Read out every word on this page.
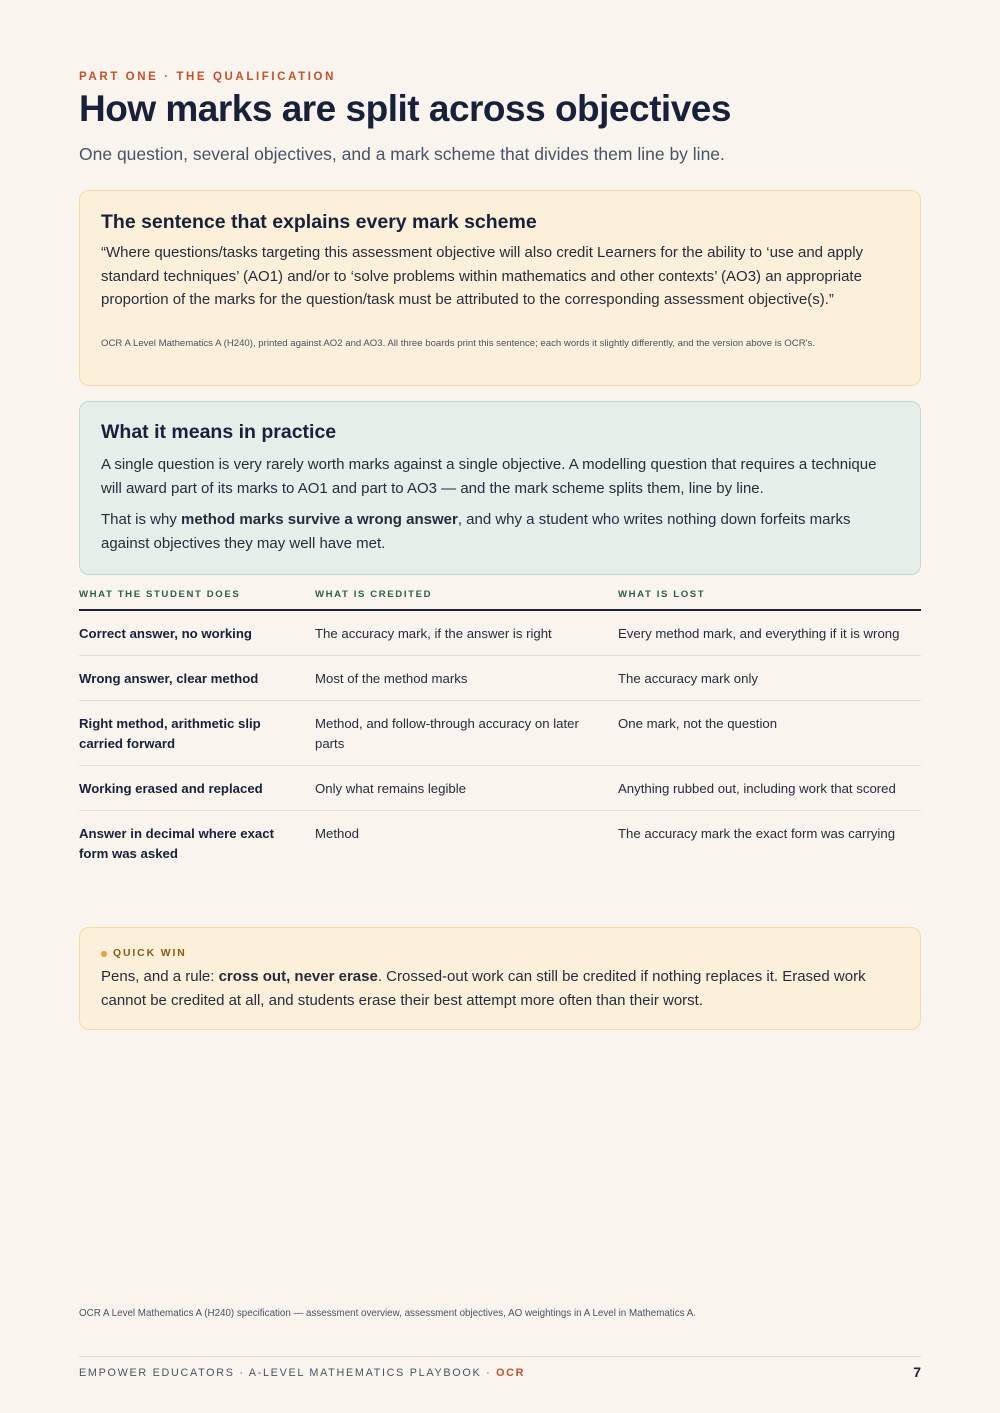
PART ONE · THE QUALIFICATION
How marks are split across objectives

One question, several objectives, and a mark scheme that divides them line by line.

The sentence that explains every mark scheme

“Where questions/tasks targeting this assessment objective will also credit Learners for the ability to ‘use and apply standard techniques’ (AO1) and/or to ‘solve problems within mathematics and other contexts’ (AO3) an appropriate proportion of the marks for the question/task must be attributed to the corresponding assessment objective(s).”

OCR A Level Mathematics A (H240), printed against AO2 and AO3. All three boards print this sentence; each words it slightly differently, and the version above is OCR's.

What it means in practice

A single question is very rarely worth marks against a single objective. A modelling question that requires a technique will award part of its marks to AO1 and part to AO3 — and the mark scheme splits them, line by line.

That is why method marks survive a wrong answer, and why a student who writes nothing down forfeits marks against objectives they may well have met.

WHAT THE STUDENT DOES	WHAT IS CREDITED	WHAT IS LOST
Correct answer, no working	The accuracy mark, if the answer is right	Every method mark, and everything if it is wrong
Wrong answer, clear method	Most of the method marks	The accuracy mark only
Right method, arithmetic slip carried forward	Method, and follow-through accuracy on later parts	One mark, not the question
Working erased and replaced	Only what remains legible	Anything rubbed out, including work that scored
Answer in decimal where exact form was asked	Method	The accuracy mark the exact form was carrying

QUICK WIN

Pens, and a rule: cross out, never erase. Crossed-out work can still be credited if nothing replaces it. Erased work cannot be credited at all, and students erase their best attempt more often than their worst.

OCR A Level Mathematics A (H240) specification — assessment overview, assessment objectives, AO weightings in A Level in Mathematics A.

EMPOWER EDUCATORS · A-LEVEL MATHEMATICS PLAYBOOK · OCR	7
